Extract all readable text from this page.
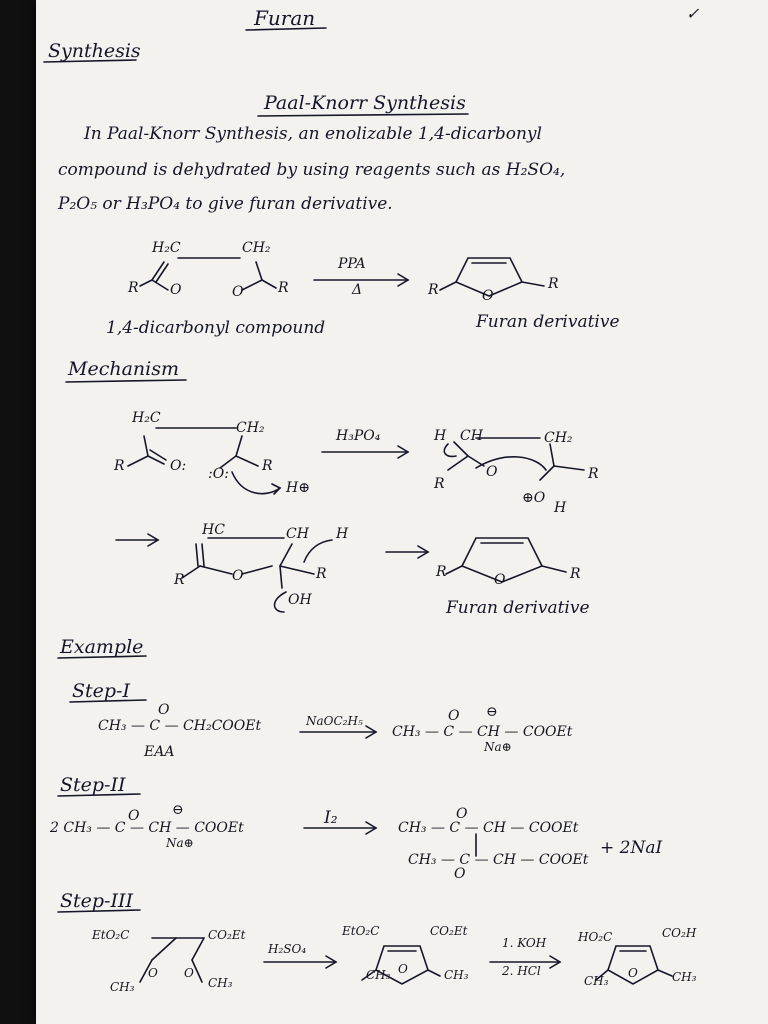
Furan	✓
Synthesis
Paal-Knorr Synthesis
In Paal-Knorr Synthesis, an enolizable 1,4-dicarbonyl
compound is dehydrated by using reagents such as H₂SO₄,
P₂O₅ or H₃PO₄ to give furan derivative.
H₂C	CH₂
R O	O R
PPA
Δ	R	O
R
1,4-dicarbonyl compound	Furan derivative
Mechanism
H₂C
CH₂
R	O: :O: R
H⊕
H₃PO₄	H CH	CH₂
R
O	R
⊕O
H
HC	CH H
R	O	R
OH
R	O	R
Furan derivative
Example
Step-I
O
CH₃ — C — CH₂COOEt
EAA
NaOC₂H₅	O ⊖
CH₃ — C — CH — COOEt
Na⊕
Step-II
O ⊖
2 CH₃ — C — CH — COOEt
Na⊕
I₂	O
CH₃ — C — CH — COOEt
CH₃ — C — CH — COOEt
O
+ 2NaI
Step-III
EtO₂C	CO₂Et
CH₃	CH₃
O O
H₂SO₄
EtO₂C	CO₂Et
CH₃	CH₃
O
1. KOH
2. HCl
HO₂C	CO₂H
CH₃	CH₃
O
